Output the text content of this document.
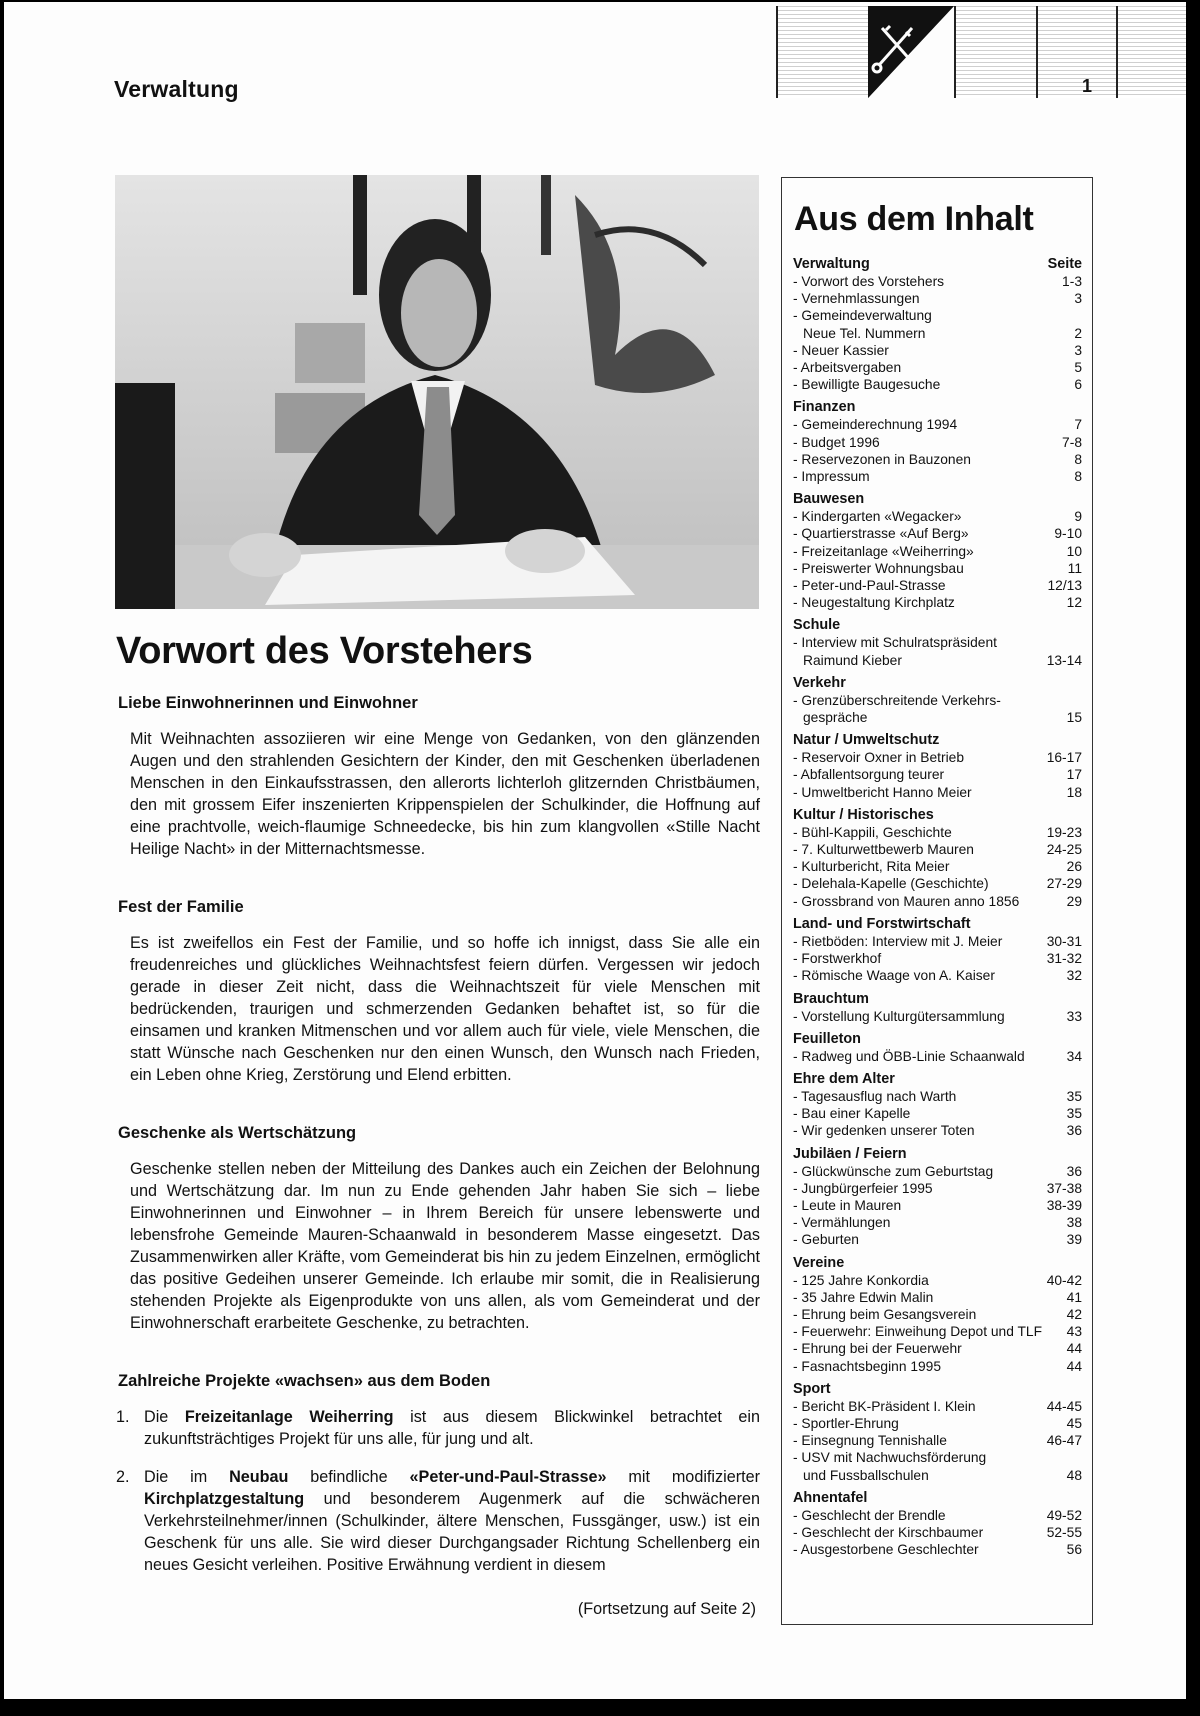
Verwaltung	1
Vorwort des Vorstehers
Liebe Einwohnerinnen und Einwohner

Mit Weihnachten assoziieren wir eine Menge von Gedanken, von den glänzenden Augen und den strahlenden Gesichtern der Kinder, den mit Geschenken überladenen Menschen in den Einkaufsstrassen, den allerorts lichterloh glitzernden Christbäumen, den mit grossem Eifer inszenierten Krippenspielen der Schulkinder, die Hoffnung auf eine prachtvolle, weich-flaumige Schneedecke, bis hin zum klangvollen «Stille Nacht Heilige Nacht» in der Mitternachtsmesse.

Fest der Familie

Es ist zweifellos ein Fest der Familie, und so hoffe ich innigst, dass Sie alle ein freudenreiches und glückliches Weihnachtsfest feiern dürfen. Vergessen wir jedoch gerade in dieser Zeit nicht, dass die Weihnachtszeit für viele Menschen mit bedrückenden, traurigen und schmerzenden Gedanken behaftet ist, so für die einsamen und kranken Mitmenschen und vor allem auch für viele, viele Menschen, die statt Wünsche nach Geschenken nur den einen Wunsch, den Wunsch nach Frieden, ein Leben ohne Krieg, Zerstörung und Elend erbitten.

Geschenke als Wertschätzung

Geschenke stellen neben der Mitteilung des Dankes auch ein Zeichen der Belohnung und Wertschätzung dar. Im nun zu Ende gehenden Jahr haben Sie sich – liebe Einwohnerinnen und Einwohner – in Ihrem Bereich für unsere lebenswerte und lebensfrohe Gemeinde Mauren-Schaanwald in besonderem Masse eingesetzt. Das Zusammenwirken aller Kräfte, vom Gemeinderat bis hin zu jedem Einzelnen, ermöglicht das positive Gedeihen unserer Gemeinde. Ich erlaube mir somit, die in Realisierung stehenden Projekte als Eigenprodukte von uns allen, als vom Gemeinderat und der Einwohnerschaft erarbeitete Geschenke, zu betrachten.

Zahlreiche Projekte «wachsen» aus dem Boden
1. Die Freizeitanlage Weiherring ist aus diesem Blickwinkel betrachtet ein zukunftsträchtiges Projekt für uns alle, für jung und alt.
2. Die im Neubau befindliche «Peter-und-Paul-Strasse» mit modifizierter Kirchplatzgestaltung und besonderem Augenmerk auf die schwächeren Verkehrsteilnehmer/innen (Schulkinder, ältere Menschen, Fussgänger, usw.) ist ein Geschenk für uns alle. Sie wird dieser Durchgangsader Richtung Schellenberg ein neues Gesicht verleihen. Positive Erwähnung verdient in diesem
(Fortsetzung auf Seite 2)
Aus dem Inhalt
Verwaltung	Seite
- Vorwort des Vorstehers	1-3
- Vernehmlassungen	3
- Gemeindeverwaltung
Neue Tel. Nummern	2
- Neuer Kassier	3
- Arbeitsvergaben	5
- Bewilligte Baugesuche	6
Finanzen
- Gemeinderechnung 1994	7
- Budget 1996	7-8
- Reservezonen in Bauzonen	8
- Impressum	8
Bauwesen
- Kindergarten «Wegacker»	9
- Quartierstrasse «Auf Berg»	9-10
- Freizeitanlage «Weiherring»	10
- Preiswerter Wohnungsbau	11
- Peter-und-Paul-Strasse	12/13
- Neugestaltung Kirchplatz	12
Schule
- Interview mit Schulratspräsident
Raimund Kieber	13-14
Verkehr
- Grenzüberschreitende Verkehrs-
gespräche	15
Natur / Umweltschutz
- Reservoir Oxner in Betrieb	16-17
- Abfallentsorgung teurer	17
- Umweltbericht Hanno Meier	18
Kultur / Historisches
- Bühl-Kappili, Geschichte	19-23
- 7. Kulturwettbewerb Mauren	24-25
- Kulturbericht, Rita Meier	26
- Delehala-Kapelle (Geschichte)	27-29
- Grossbrand von Mauren anno 1856	29
Land- und Forstwirtschaft
- Rietböden: Interview mit J. Meier	30-31
- Forstwerkhof	31-32
- Römische Waage von A. Kaiser	32
Brauchtum
- Vorstellung Kulturgütersammlung	33
Feuilleton
- Radweg und ÖBB-Linie Schaanwald	34
Ehre dem Alter
- Tagesausflug nach Warth	35
- Bau einer Kapelle	35
- Wir gedenken unserer Toten	36
Jubiläen / Feiern
- Glückwünsche zum Geburtstag	36
- Jungbürgerfeier 1995	37-38
- Leute in Mauren	38-39
- Vermählungen	38
- Geburten	39
Vereine
- 125 Jahre Konkordia	40-42
- 35 Jahre Edwin Malin	41
- Ehrung beim Gesangsverein	42
- Feuerwehr: Einweihung Depot und TLF 43
- Ehrung bei der Feuerwehr	44
- Fasnachtsbeginn 1995	44
Sport
- Bericht BK-Präsident I. Klein	44-45
- Sportler-Ehrung	45
- Einsegnung Tennishalle	46-47
- USV mit Nachwuchsförderung
und Fussballschulen	48
Ahnentafel
- Geschlecht der Brendle	49-52
- Geschlecht der Kirschbaumer	52-55
- Ausgestorbene Geschlechter	56
